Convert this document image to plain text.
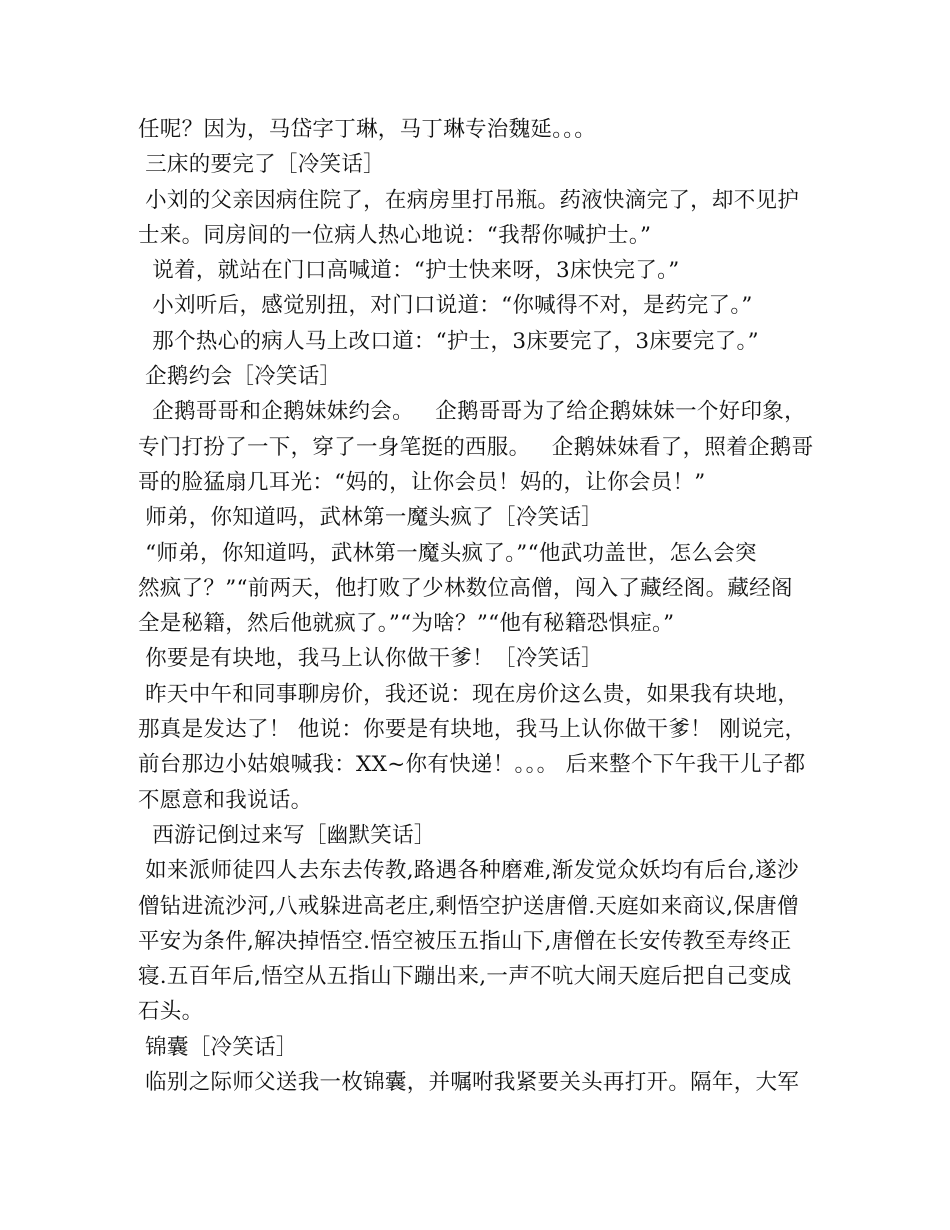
任呢？因为，马岱字丁琳，马丁琳专治魏延。。。
三床的要完了［冷笑话］
小刘的父亲因病住院了，在病房里打吊瓶。药液快滴完了，却不见护
士来。同房间的一位病人热心地说：“我帮你喊护士。”
说着，就站在门口高喊道：“护士快来呀，3床快完了。”
小刘听后，感觉别扭，对门口说道：“你喊得不对，是药完了。”
那个热心的病人马上改口道：“护士，3床要完了，3床要完了。”
企鹅约会［冷笑话］
企鹅哥哥和企鹅妹妹约会。   企鹅哥哥为了给企鹅妹妹一个好印象，
专门打扮了一下，穿了一身笔挺的西服。   企鹅妹妹看了，照着企鹅哥
哥的脸猛扇几耳光：“妈的，让你会员！妈的，让你会员！”
师弟，你知道吗，武林第一魔头疯了［冷笑话］
“师弟，你知道吗，武林第一魔头疯了。”“他武功盖世，怎么会突
然疯了？”“前两天，他打败了少林数位高僧，闯入了藏经阁。藏经阁
全是秘籍，然后他就疯了。”“为啥？”“他有秘籍恐惧症。”
你要是有块地，我马上认你做干爹！［冷笑话］
昨天中午和同事聊房价，我还说：现在房价这么贵，如果我有块地，
那真是发达了！ 他说：你要是有块地，我马上认你做干爹！ 刚说完，
前台那边小姑娘喊我：XX~你有快递！。。。 后来整个下午我干儿子都
不愿意和我说话。
西游记倒过来写［幽默笑话］
如来派师徒四人去东去传教,路遇各种磨难,渐发觉众妖均有后台,遂沙
僧钻进流沙河,八戒躲进高老庄,剩悟空护送唐僧.天庭如来商议,保唐僧
平安为条件,解决掉悟空.悟空被压五指山下,唐僧在长安传教至寿终正
寝.五百年后,悟空从五指山下蹦出来,一声不吭大闹天庭后把自己变成
石头。
锦囊［冷笑话］
临别之际师父送我一枚锦囊，并嘱咐我紧要关头再打开。隔年，大军
